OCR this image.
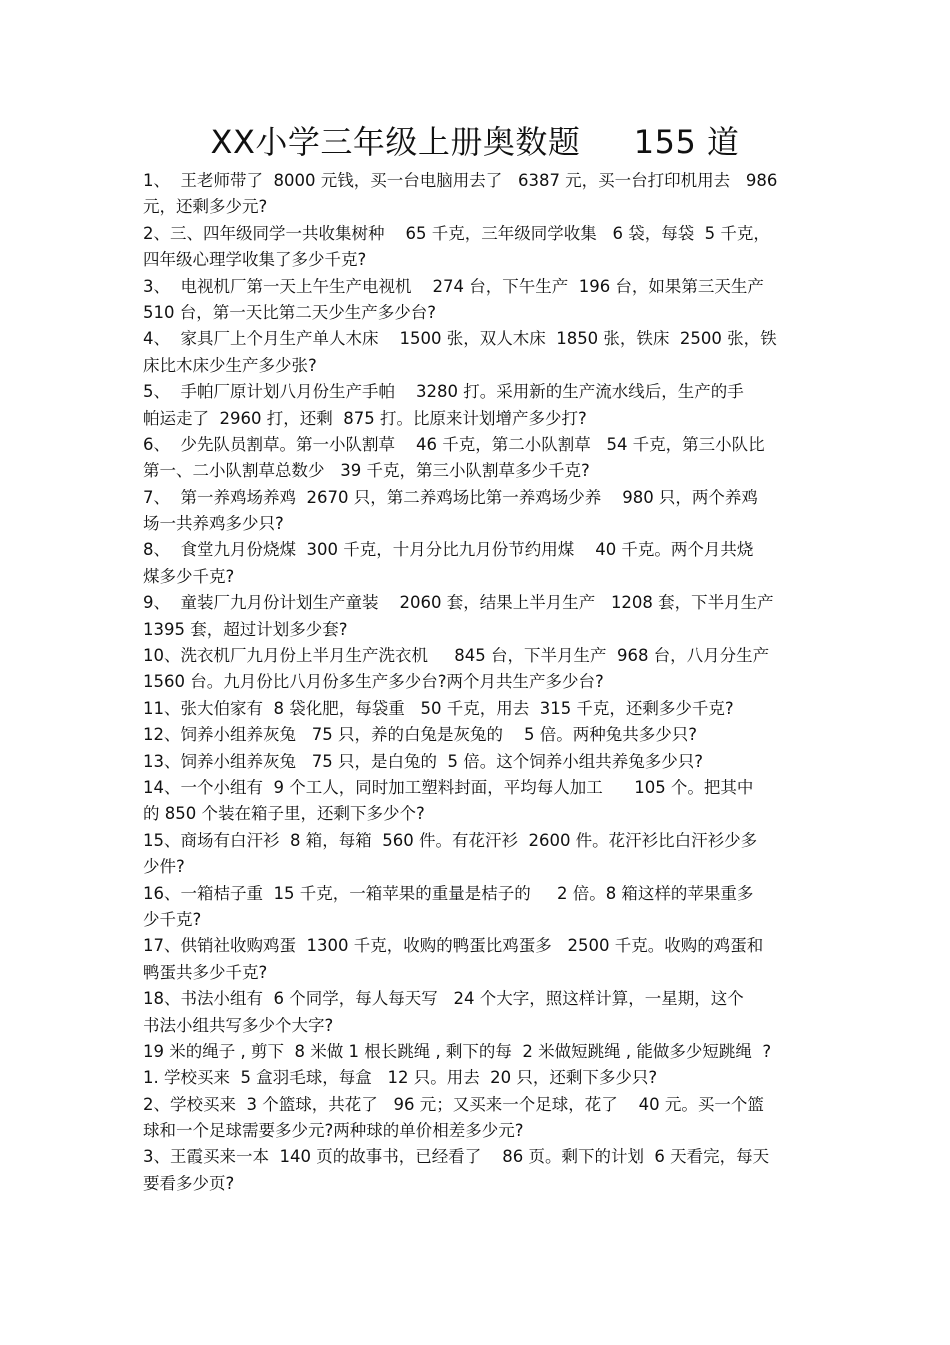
XX小学三年级上册奥数题     155 道
1、  王老师带了  8000 元钱，买一台电脑用去了   6387 元，买一台打印机用去   986
元，还剩多少元?
2、三、四年级同学一共收集树种    65 千克，三年级同学收集   6 袋，每袋  5 千克，
四年级心理学收集了多少千克?
3、  电视机厂第一天上午生产电视机    274 台，下午生产  196 台，如果第三天生产
510 台，第一天比第二天少生产多少台?
4、  家具厂上个月生产单人木床    1500 张，双人木床  1850 张，铁床  2500 张，铁
床比木床少生产多少张?
5、  手帕厂原计划八月份生产手帕    3280 打。采用新的生产流水线后，生产的手
帕运走了  2960 打，还剩  875 打。比原来计划增产多少打?
6、  少先队员割草。第一小队割草    46 千克，第二小队割草   54 千克，第三小队比
第一、二小队割草总数少   39 千克，第三小队割草多少千克?
7、  第一养鸡场养鸡  2670 只，第二养鸡场比第一养鸡场少养    980 只，两个养鸡
场一共养鸡多少只?
8、  食堂九月份烧煤  300 千克，十月分比九月份节约用煤    40 千克。两个月共烧
煤多少千克?
9、  童装厂九月份计划生产童装    2060 套，结果上半月生产   1208 套，下半月生产
1395 套，超过计划多少套?
10、洗衣机厂九月份上半月生产洗衣机     845 台，下半月生产  968 台，八月分生产
1560 台。九月份比八月份多生产多少台?两个月共生产多少台?
11、张大伯家有  8 袋化肥，每袋重   50 千克，用去  315 千克，还剩多少千克?
12、饲养小组养灰兔   75 只，养的白兔是灰兔的    5 倍。两种兔共多少只?
13、饲养小组养灰兔   75 只，是白兔的  5 倍。这个饲养小组共养兔多少只?
14、一个小组有  9 个工人，同时加工塑料封面，平均每人加工      105 个。把其中
的 850 个装在箱子里，还剩下多少个?
15、商场有白汗衫  8 箱，每箱  560 件。有花汗衫  2600 件。花汗衫比白汗衫少多
少件?
16、一箱桔子重  15 千克，一箱苹果的重量是桔子的     2 倍。8 箱这样的苹果重多
少千克?
17、供销社收购鸡蛋  1300 千克，收购的鸭蛋比鸡蛋多   2500 千克。收购的鸡蛋和
鸭蛋共多少千克?
18、书法小组有  6 个同学，每人每天写   24 个大字，照这样计算，一星期，这个
书法小组共写多少个大字?
19 米的绳子 , 剪下  8 米做 1 根长跳绳 , 剩下的每  2 米做短跳绳 , 能做多少短跳绳  ?
1. 学校买来  5 盒羽毛球，每盒   12 只。用去  20 只，还剩下多少只?
2、学校买来  3 个篮球，共花了   96 元；又买来一个足球，花了    40 元。买一个篮
球和一个足球需要多少元?两种球的单价相差多少元?
3、王霞买来一本  140 页的故事书，已经看了    86 页。剩下的计划  6 天看完，每天
要看多少页?
